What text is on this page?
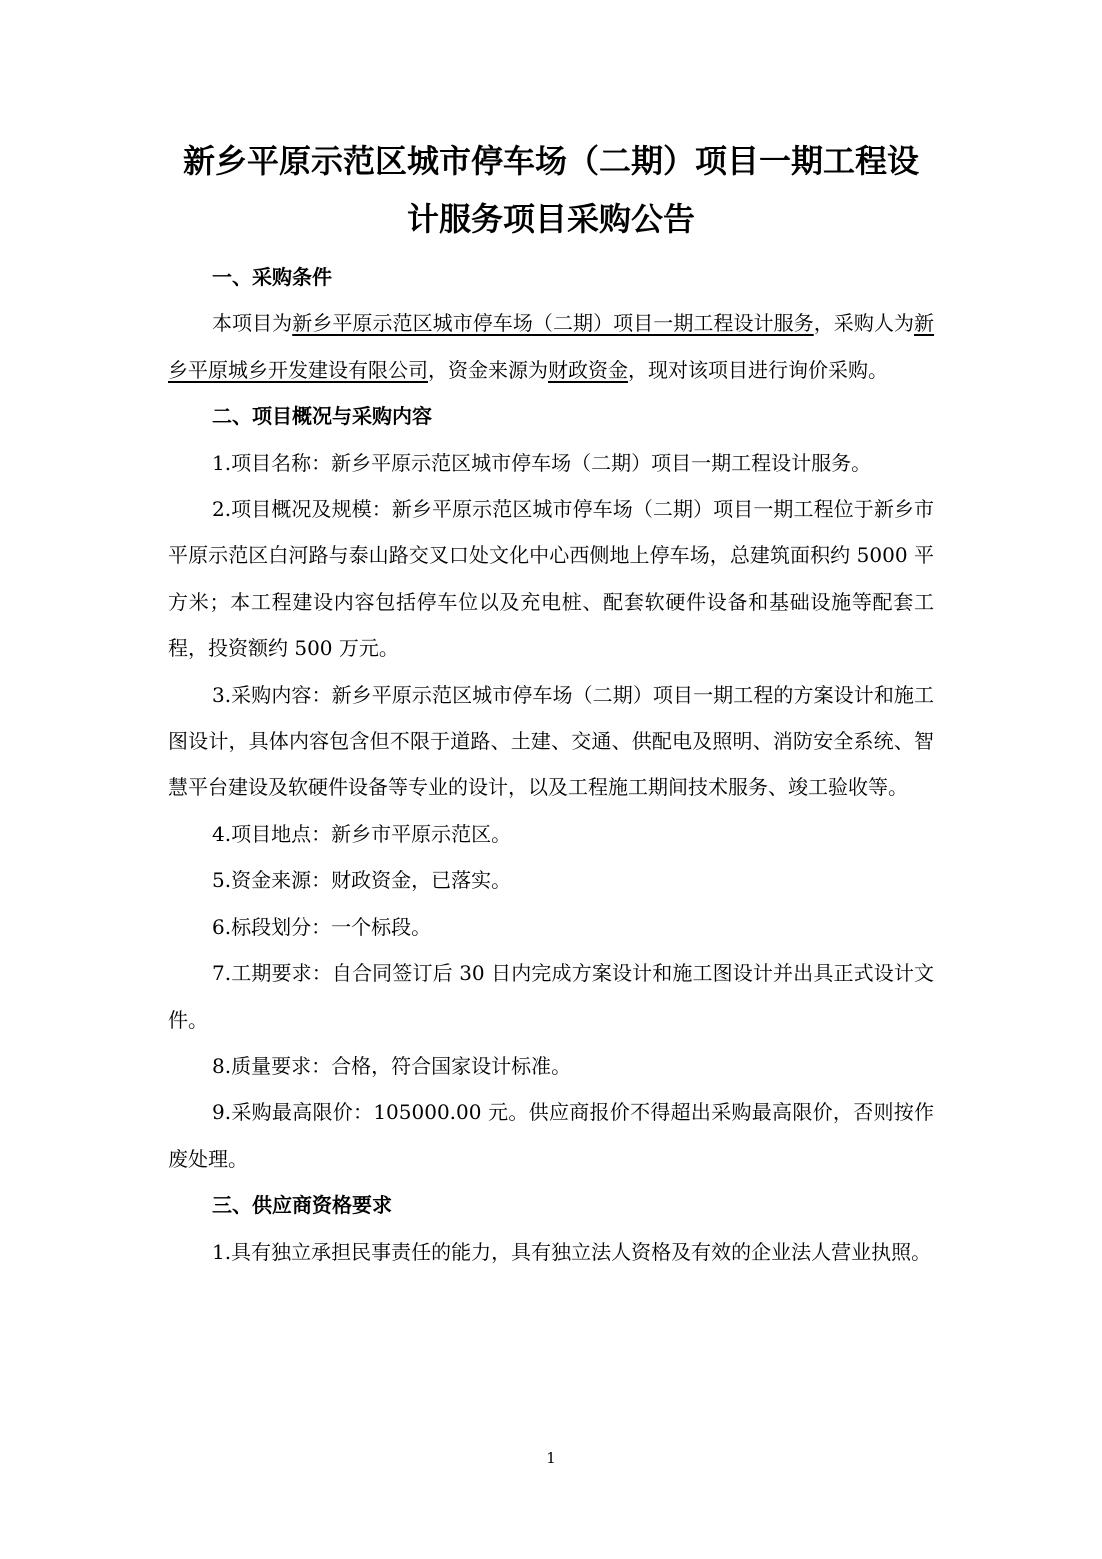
新乡平原示范区城市停车场（二期）项目一期工程设计服务项目采购公告
一、采购条件

本项目为新乡平原示范区城市停车场（二期）项目一期工程设计服务，采购人为新乡平原城乡开发建设有限公司，资金来源为财政资金，现对该项目进行询价采购。

二、项目概况与采购内容

1.项目名称：新乡平原示范区城市停车场（二期）项目一期工程设计服务。

2.项目概况及规模：新乡平原示范区城市停车场（二期）项目一期工程位于新乡市平原示范区白河路与泰山路交叉口处文化中心西侧地上停车场，总建筑面积约 5000 平方米；本工程建设内容包括停车位以及充电桩、配套软硬件设备和基础设施等配套工程，投资额约 500 万元。

3.采购内容：新乡平原示范区城市停车场（二期）项目一期工程的方案设计和施工图设计，具体内容包含但不限于道路、土建、交通、供配电及照明、消防安全系统、智慧平台建设及软硬件设备等专业的设计，以及工程施工期间技术服务、竣工验收等。

4.项目地点：新乡市平原示范区。

5.资金来源：财政资金，已落实。

6.标段划分：一个标段。

7.工期要求：自合同签订后 30 日内完成方案设计和施工图设计并出具正式设计文件。

8.质量要求：合格，符合国家设计标准。

9.采购最高限价：105000.00 元。供应商报价不得超出采购最高限价，否则按作废处理。

三、供应商资格要求

1.具有独立承担民事责任的能力，具有独立法人资格及有效的企业法人营业执照。

1
